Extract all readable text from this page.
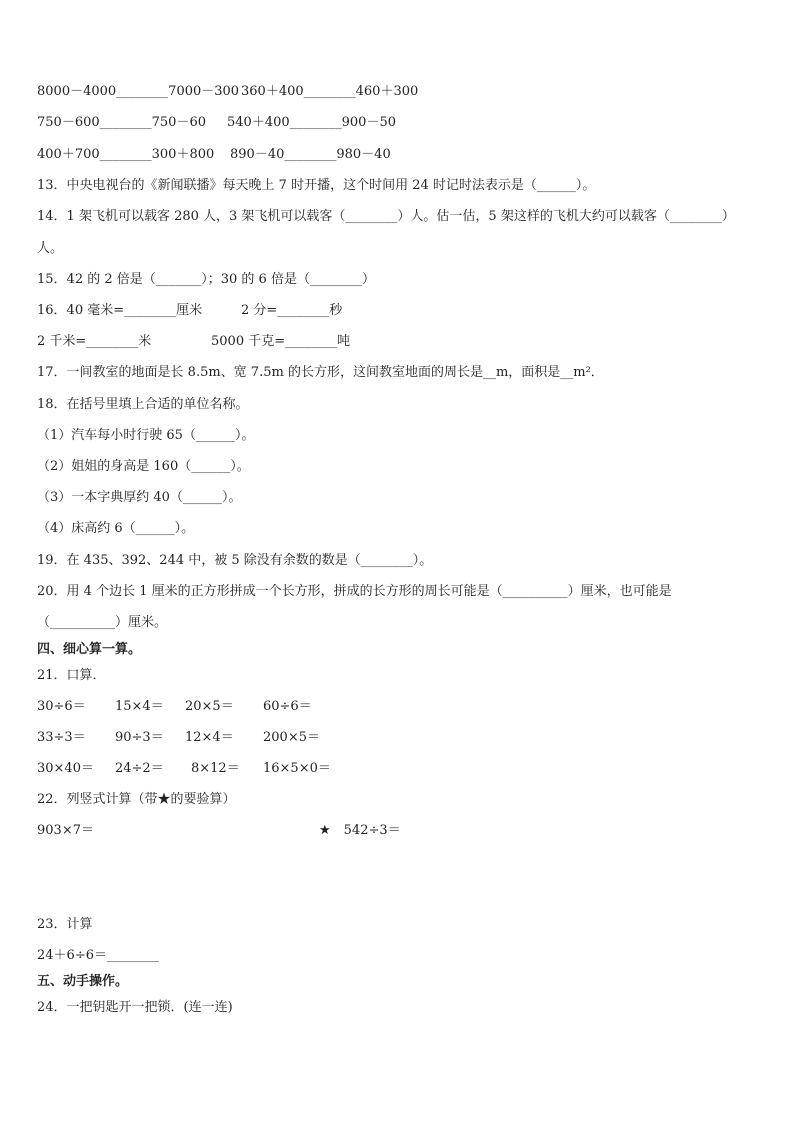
8000－4000________7000－300 360＋400________460＋300
750－600________750－60 540＋400________900－50
400＋700________300＋800 890－40________980－40
13．中央电视台的《新闻联播》每天晚上 7 时开播，这个时间用 24 时记时法表示是（______）。
14．1 架飞机可以载客 280 人，3 架飞机可以载客（________）人。估一估，5 架这样的飞机大约可以载客（________）
人。
15．42 的 2 倍是（_______）；30 的 6 倍是（________）
16．40 毫米=________厘米	2 分=________秒
2 千米=________米	5000 千克=________吨
17．一间教室的地面是长 8.5m、宽 7.5m 的长方形，这间教室地面的周长是__m，面积是__m²．
18．在括号里填上合适的单位名称。
（1）汽车每小时行驶 65（______）。
（2）姐姐的身高是 160（______）。
（3）一本字典厚约 40（______）。
（4）床高约 6（______）。
19．在 435、392、244 中，被 5 除没有余数的数是（________）。
20．用 4 个边长 1 厘米的正方形拼成一个长方形，拼成的长方形的周长可能是（__________）厘米，也可能是
（__________）厘米。
四、细心算一算。
21．口算．
30÷6＝ 15×4＝ 20×5＝ 60÷6＝
33÷3＝ 90÷3＝ 12×4＝ 200×5＝
30×40＝ 24÷2＝ 8×12＝ 16×5×0＝
22．列竖式计算（带★的要验算）
903×7＝	★　542÷3＝
23．计算
24＋6÷6＝________
五、动手操作。
24．一把钥匙开一把锁．(连一连)
